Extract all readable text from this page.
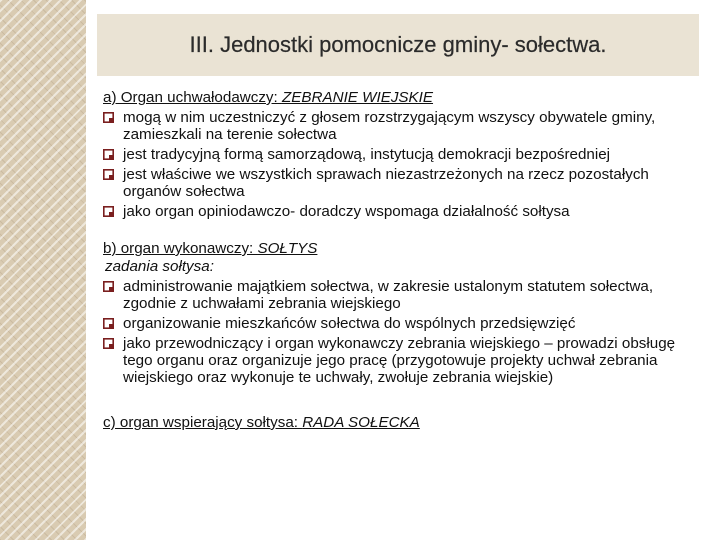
III. Jednostki pomocnicze gminy- sołectwa.
a) Organ uchwałodawczy: ZEBRANIE WIEJSKIE
mogą w nim uczestniczyć z głosem rozstrzygającym wszyscy obywatele gminy, zamieszkali na terenie sołectwa
jest tradycyjną formą samorządową, instytucją demokracji bezpośredniej
jest właściwe we wszystkich sprawach niezastrzeżonych na rzecz pozostałych organów sołectwa
jako organ opiniodawczo- doradczy wspomaga działalność sołtysa
b) organ wykonawczy: SOŁTYS
zadania sołtysa:
administrowanie majątkiem sołectwa, w zakresie ustalonym statutem sołectwa, zgodnie z uchwałami zebrania wiejskiego
organizowanie mieszkańców sołectwa do wspólnych przedsięwzięć
jako przewodniczący i organ wykonawczy zebrania wiejskiego – prowadzi obsługę tego organu oraz organizuje jego pracę (przygotowuje projekty uchwał zebrania wiejskiego oraz wykonuje te uchwały, zwołuje zebrania wiejskie)
c) organ wspierający sołtysa: RADA SOŁECKA
